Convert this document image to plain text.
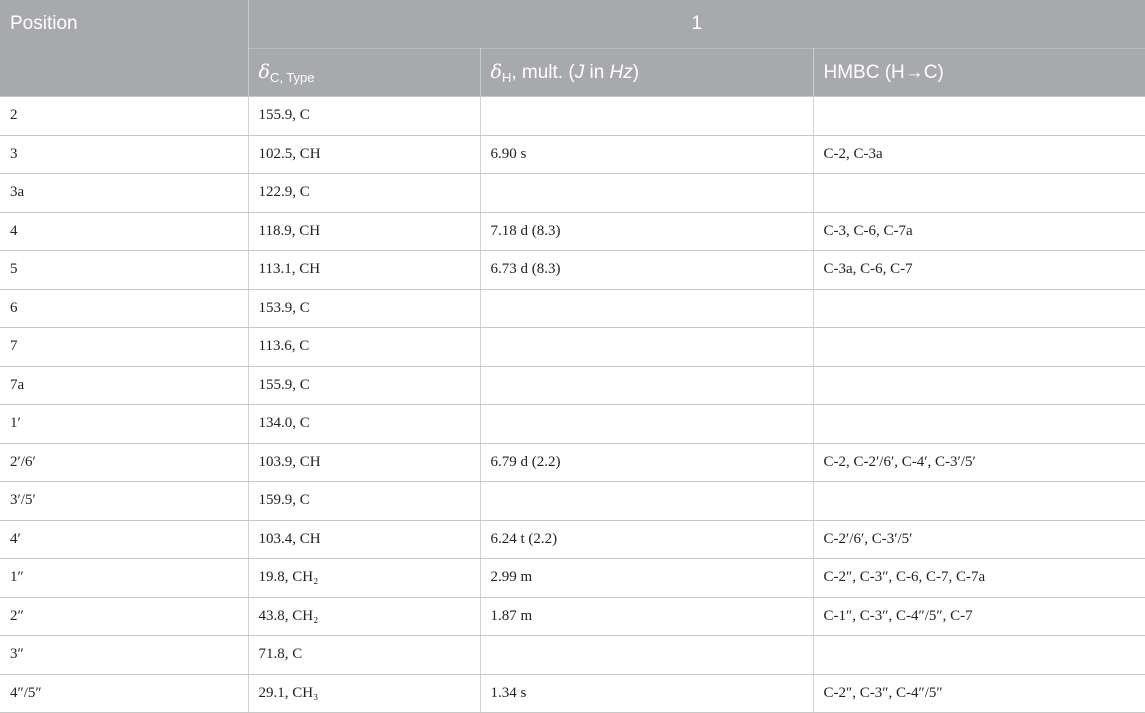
Position	1		
	$\delta_{C, Type}$	$\delta_H$, mult. (J in Hz)	HMBC (H→C)
2	155.9, C		
3	102.5, CH	6.90 s	C-2, C-3a
3a	122.9, C		
4	118.9, CH	7.18 d (8.3)	C-3, C-6, C-7a
5	113.1, CH	6.73 d (8.3)	C-3a, C-6, C-7
6	153.9, C		
7	113.6, C		
7a	155.9, C		
1′	134.0, C		
2′/6′	103.9, CH	6.79 d (2.2)	C-2, C-2′/6′, C-4′, C-3′/5′
3′/5′	159.9, C		
4′	103.4, CH	6.24 t (2.2)	C-2′/6′, C-3′/5′
1″	19.8, CH₂	2.99 m	C-2″, C-3″, C-6, C-7, C-7a
2″	43.8, CH₂	1.87 m	C-1″, C-3″, C-4″/5″, C-7
3″	71.8, C		
4″/5″	29.1, CH₃	1.34 s	C-2″, C-3″, C-4″/5″
